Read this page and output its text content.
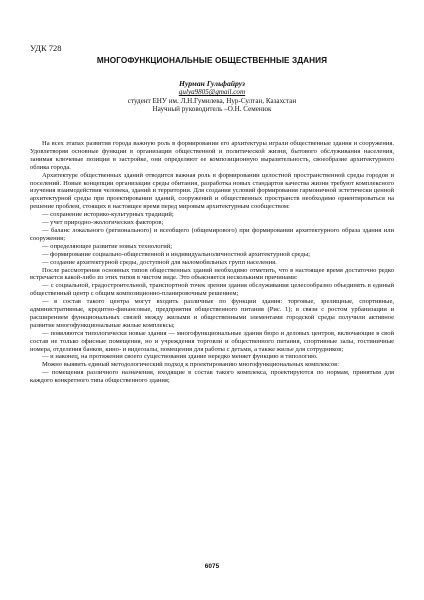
УДК 728
МНОГОФУНКЦИОНАЛЬНЫЕ ОБЩЕСТВЕННЫЕ ЗДАНИЯ
Нурман Гульфайруз
gulya9805@gmail.com
студент ЕНУ им. Л.Н.Гумилева, Нур-Султан, Казахстан
Научный руководитель –О.Н. Семенюк

На всех этапах развития города важную роль в формировании его архитектуры играли общественные здания и сооружения. Удовлетворяя основные функции в организации общественной и политической жизни, бытового обслуживания населения, занимая ключевые позиции в застройке, они определяют ее композиционную выразительность, своеобразие архитектурного облика города.

Архитектуре общественных зданий отводится важная роль в формировании целостной пространственной среды городов и поселений. Новые концепции организации среды обитания, разработка новых стандартов качества жизни требуют комплексного изучения взаимодействия человека, зданий и территории. Для создания условий формирования гармоничной эстетически ценной архитектурной среды при проектировании зданий, сооружений и общественных пространств необходимо ориентироваться на решение проблем, стоящих в настоящее время перед мировым архитектурным сообществом:

— сохранение историко-культурных традиций;

— учет природно-экологических факторов;

— баланс локального (регионального) и всеобщего (общемирового) при формировании архитектурного образа здания или сооружения;

— определяющее развитие новых технологий;

— формирование социально-общественной и индивидуальноличностной архитектурной среды;

— создание архитектурной среды, доступной для маломобильных групп населения.

После рассмотрения основных типов общественных зданий необходимо отметить, что в настоящее время достаточно редко встречается какой-либо из этих типов в чистом виде. Это объясняется несколькими причинами:

— с социальной, градостроительной, транспортной точек зрения здания обслуживания целесообразно объединять в единый общественный центр с общим композиционно-планировочным решением;

— в состав такого центра могут входить различные по функции здания: торговые, зрелищные, спортивные, административные, кредитно-финансовые, предприятия общественного питания (Рис. 1); в связи с ростом урбанизации и расширением функциональных связей между жилыми и общественными элементами городской среды получили активное развитие многофункциональные жилые комплексы;

— появляются типологически новые здания — многофункциональные здания бюро и деловых центров, включающие в свой состав не только офисные помещения, но и учреждения торговли и общественного питания, спортивные залы, гостиничные номера, отделения банков, кино- и видеозалы, помещения для работы с детьми, а также жилье для сотрудников;

— и наконец, на протяжении своего существования здание нередко меняет функцию и типологию.

Можно выявить единый методологический подход к проектированию многофункциональных комплексов:

— помещения различного назначения, входящие в состав такого комплекса, проектируются по нормам, принятым для каждого конкретного типа общественного здания;

6075
